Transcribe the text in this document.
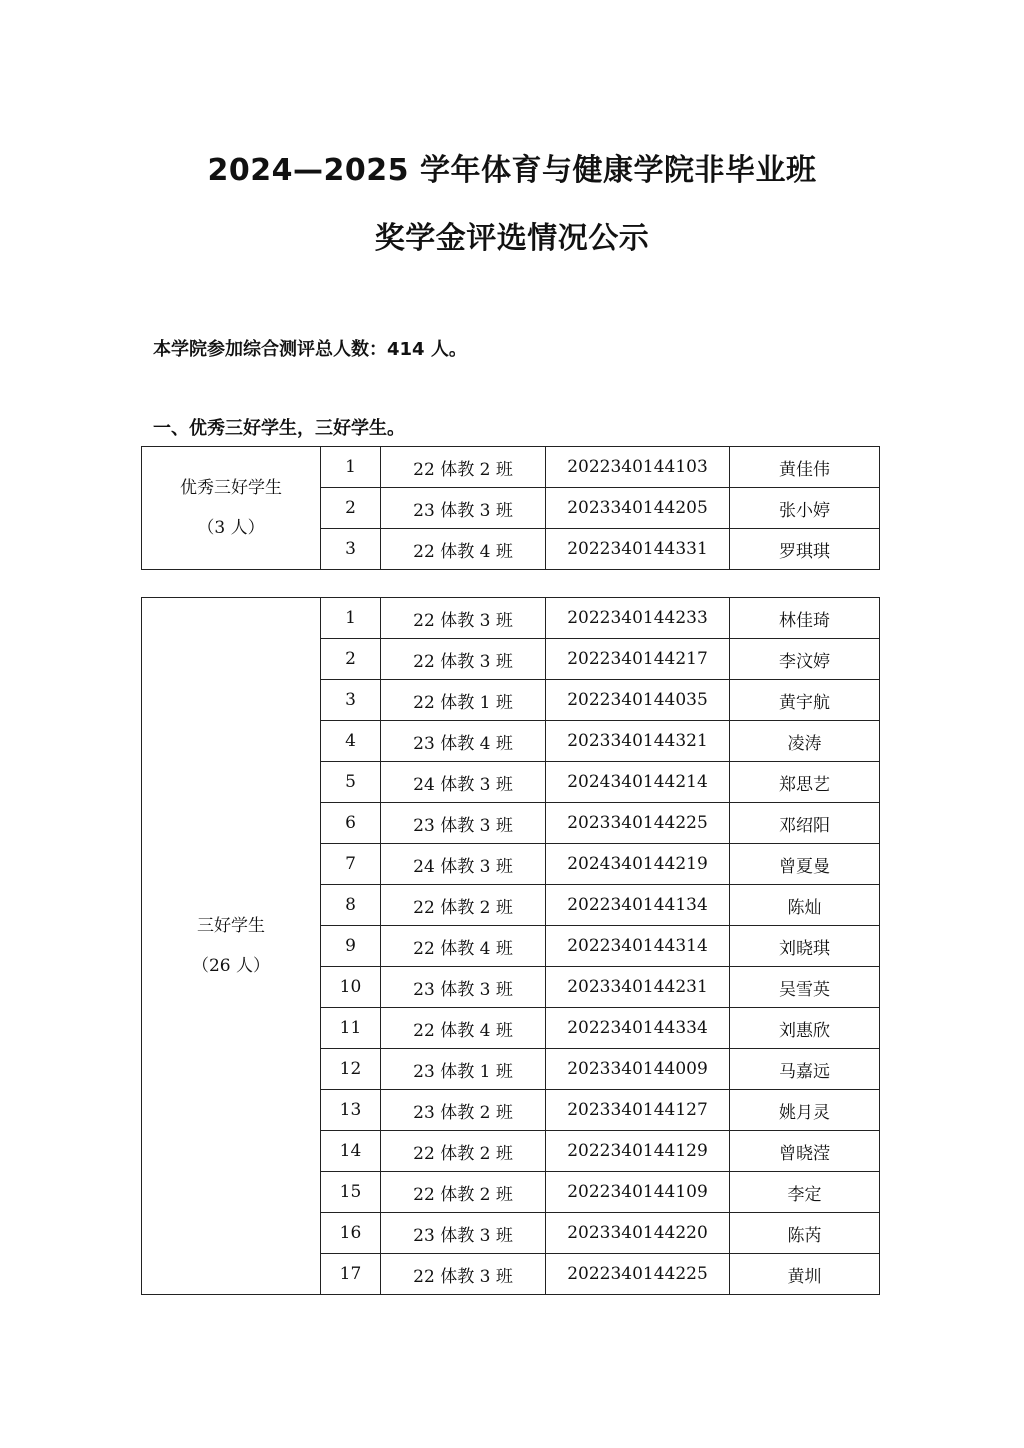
2024—2025 学年体育与健康学院非毕业班
奖学金评选情况公示

本学院参加综合测评总人数：414 人。

一、优秀三好学生，三好学生。

优秀三好学生
（3 人）	1	22 体教 2 班	2022340144103	黄佳伟
	2	23 体教 3 班	2023340144205	张小婷
	3	22 体教 4 班	2022340144331	罗琪琪
三好学生
（26 人）	1	22 体教 3 班	2022340144233	林佳琦
	2	22 体教 3 班	2022340144217	李汶婷
	3	22 体教 1 班	2022340144035	黄宇航
	4	23 体教 4 班	2023340144321	凌涛
	5	24 体教 3 班	2024340144214	郑思艺
	6	23 体教 3 班	2023340144225	邓绍阳
	7	24 体教 3 班	2024340144219	曾夏曼
	8	22 体教 2 班	2022340144134	陈灿
	9	22 体教 4 班	2022340144314	刘晓琪
	10	23 体教 3 班	2023340144231	吴雪英
	11	22 体教 4 班	2022340144334	刘惠欣
	12	23 体教 1 班	2023340144009	马嘉远
	13	23 体教 2 班	2023340144127	姚月灵
	14	22 体教 2 班	2022340144129	曾晓滢
	15	22 体教 2 班	2022340144109	李定
	16	23 体教 3 班	2023340144220	陈芮
	17	22 体教 3 班	2022340144225	黄圳
